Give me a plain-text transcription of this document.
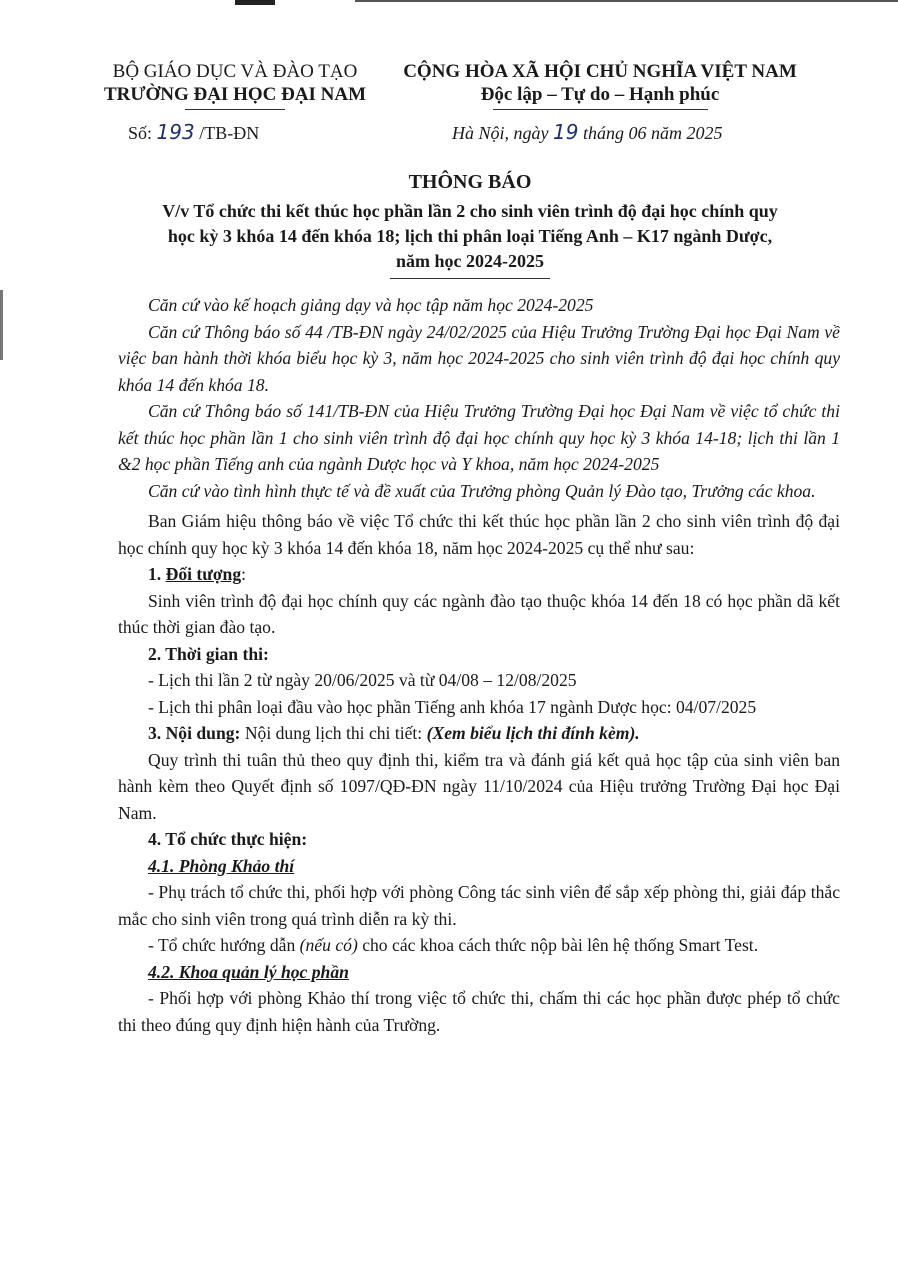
BỘ GIÁO DỤC VÀ ĐÀO TẠO
TRƯỜNG ĐẠI HỌC ĐẠI NAM
CỘNG HÒA XÃ HỘI CHỦ NGHĨA VIỆT NAM
Độc lập – Tự do – Hạnh phúc
Số: 193 /TB-ĐN	Hà Nội, ngày 19 tháng 06 năm 2025
THÔNG BÁO
V/v Tổ chức thi kết thúc học phần lần 2 cho sinh viên trình độ đại học chính quy
học kỳ 3 khóa 14 đến khóa 18; lịch thi phân loại Tiếng Anh – K17 ngành Dược,
năm học 2024-2025

Căn cứ vào kế hoạch giảng dạy và học tập năm học 2024-2025

Căn cứ Thông báo số 44 /TB-ĐN ngày 24/02/2025 của Hiệu Trưởng Trường Đại học Đại Nam về việc ban hành thời khóa biểu học kỳ 3, năm học 2024-2025 cho sinh viên trình độ đại học chính quy khóa 14 đến khóa 18.

Căn cứ Thông báo số 141/TB-ĐN của Hiệu Trưởng Trường Đại học Đại Nam về việc tổ chức thi kết thúc học phần lần 1 cho sinh viên trình độ đại học chính quy học kỳ 3 khóa 14-18; lịch thi lần 1 &2 học phần Tiếng anh của ngành Dược học và Y khoa, năm học 2024-2025

Căn cứ vào tình hình thực tế và đề xuất của Trưởng phòng Quản lý Đào tạo, Trưởng các khoa.

Ban Giám hiệu thông báo về việc Tổ chức thi kết thúc học phần lần 2 cho sinh viên trình độ đại học chính quy học kỳ 3 khóa 14 đến khóa 18, năm học 2024-2025 cụ thể như sau:

1. Đối tượng:

Sinh viên trình độ đại học chính quy các ngành đào tạo thuộc khóa 14 đến 18 có học phần dã kết thúc thời gian đào tạo.

2. Thời gian thi:

- Lịch thi lần 2 từ ngày 20/06/2025 và từ 04/08 – 12/08/2025

- Lịch thi phân loại đầu vào học phần Tiếng anh khóa 17 ngành Dược học: 04/07/2025

3. Nội dung: Nội dung lịch thi chi tiết: (Xem biểu lịch thi đính kèm).

Quy trình thi tuân thủ theo quy định thi, kiểm tra và đánh giá kết quả học tập của sinh viên ban hành kèm theo Quyết định số 1097/QĐ-ĐN ngày 11/10/2024 của Hiệu trưởng Trường Đại học Đại Nam.

4. Tổ chức thực hiện:

4.1. Phòng Khảo thí

- Phụ trách tổ chức thi, phối hợp với phòng Công tác sinh viên để sắp xếp phòng thi, giải đáp thắc mắc cho sinh viên trong quá trình diễn ra kỳ thi.

- Tổ chức hướng dẫn (nếu có) cho các khoa cách thức nộp bài lên hệ thống Smart Test.

4.2. Khoa quản lý học phần

- Phối hợp với phòng Khảo thí trong việc tổ chức thi, chấm thi các học phần được phép tổ chức thi theo đúng quy định hiện hành của Trường.
